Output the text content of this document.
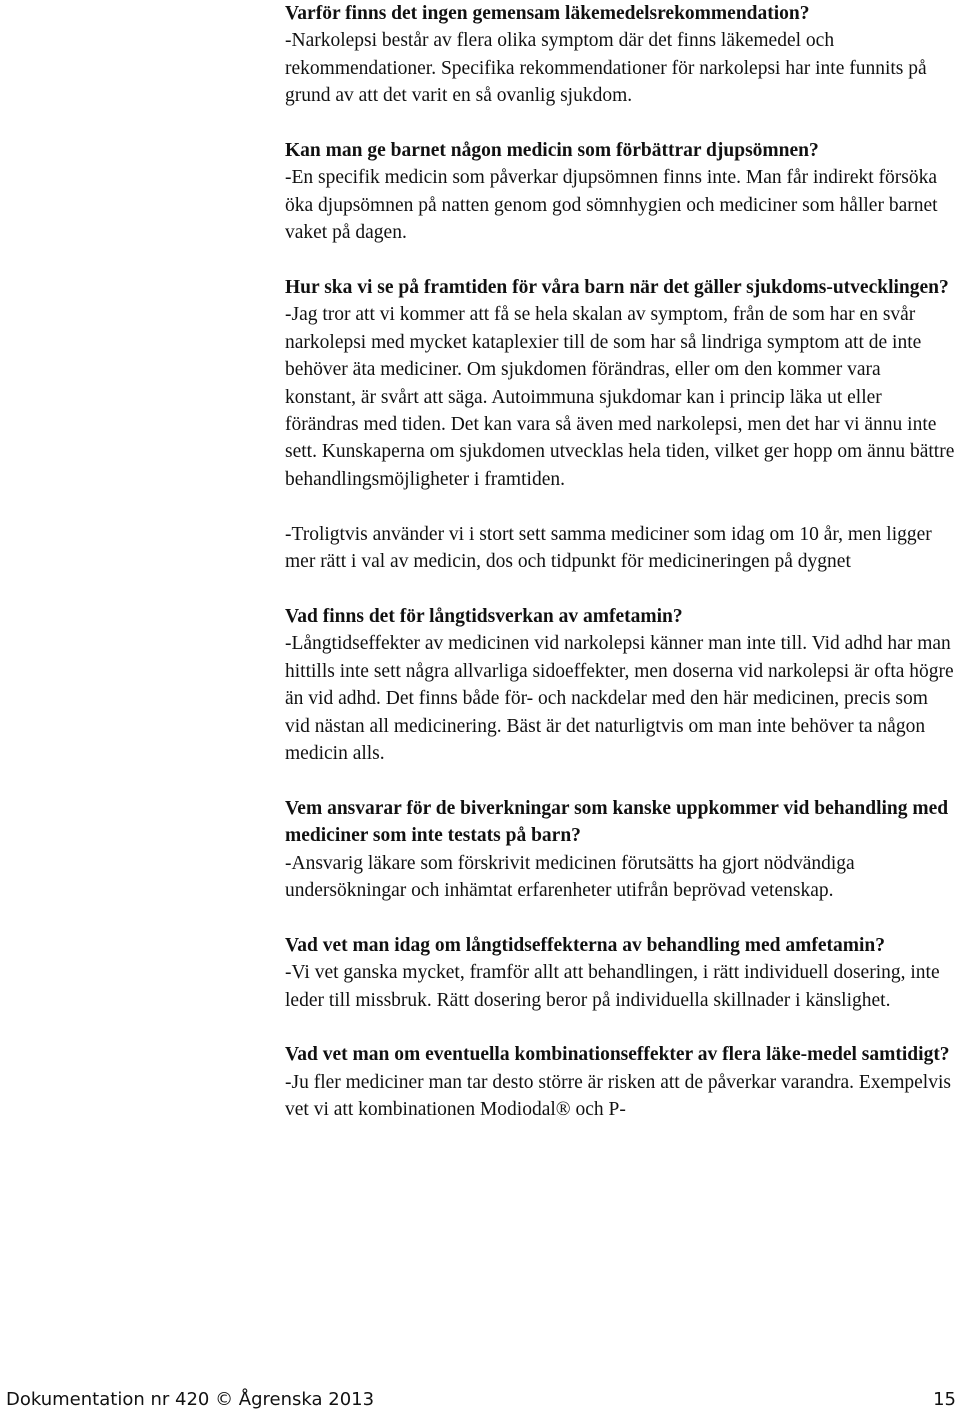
Varför finns det ingen gemensam läkemedelsrekommendation?

-Narkolepsi består av flera olika symptom där det finns läkemedel och rekommendationer. Specifika rekommendationer för narkolepsi har inte funnits på grund av att det varit en så ovanlig sjukdom.

Kan man ge barnet någon medicin som förbättrar djupsömnen?

-En specifik medicin som påverkar djupsömnen finns inte. Man får indirekt försöka öka djupsömnen på natten genom god sömnhygien och mediciner som håller barnet vaket på dagen.

Hur ska vi se på framtiden för våra barn när det gäller sjukdoms-utvecklingen?

-Jag tror att vi kommer att få se hela skalan av symptom, från de som har en svår narkolepsi med mycket kataplexier till de som har så lindriga symptom att de inte behöver äta mediciner. Om sjukdomen förändras, eller om den kommer vara konstant, är svårt att säga. Autoimmuna sjukdomar kan i princip läka ut eller förändras med tiden. Det kan vara så även med narkolepsi, men det har vi ännu inte sett. Kunskaperna om sjukdomen utvecklas hela tiden, vilket ger hopp om ännu bättre behandlingsmöjligheter i framtiden.

-Troligtvis använder vi i stort sett samma mediciner som idag om 10 år, men ligger mer rätt i val av medicin, dos och tidpunkt för medicineringen på dygnet

Vad finns det för långtidsverkan av amfetamin?

-Långtidseffekter av medicinen vid narkolepsi känner man inte till. Vid adhd har man hittills inte sett några allvarliga sidoeffekter, men doserna vid narkolepsi är ofta högre än vid adhd. Det finns både för- och nackdelar med den här medicinen, precis som vid nästan all medicinering. Bäst är det naturligtvis om man inte behöver ta någon medicin alls.

Vem ansvarar för de biverkningar som kanske uppkommer vid behandling med mediciner som inte testats på barn?

-Ansvarig läkare som förskrivit medicinen förutsätts ha gjort nödvändiga undersökningar och inhämtat erfarenheter utifrån beprövad vetenskap.

Vad vet man idag om långtidseffekterna av behandling med amfetamin?

-Vi vet ganska mycket, framför allt att behandlingen, i rätt individuell dosering, inte leder till missbruk. Rätt dosering beror på individuella skillnader i känslighet.

Vad vet man om eventuella kombinationseffekter av flera läke-medel samtidigt?

-Ju fler mediciner man tar desto större är risken att de påverkar varandra. Exempelvis vet vi att kombinationen Modiodal® och P-

Dokumentation nr 420 © Ågrenska 2013	15
